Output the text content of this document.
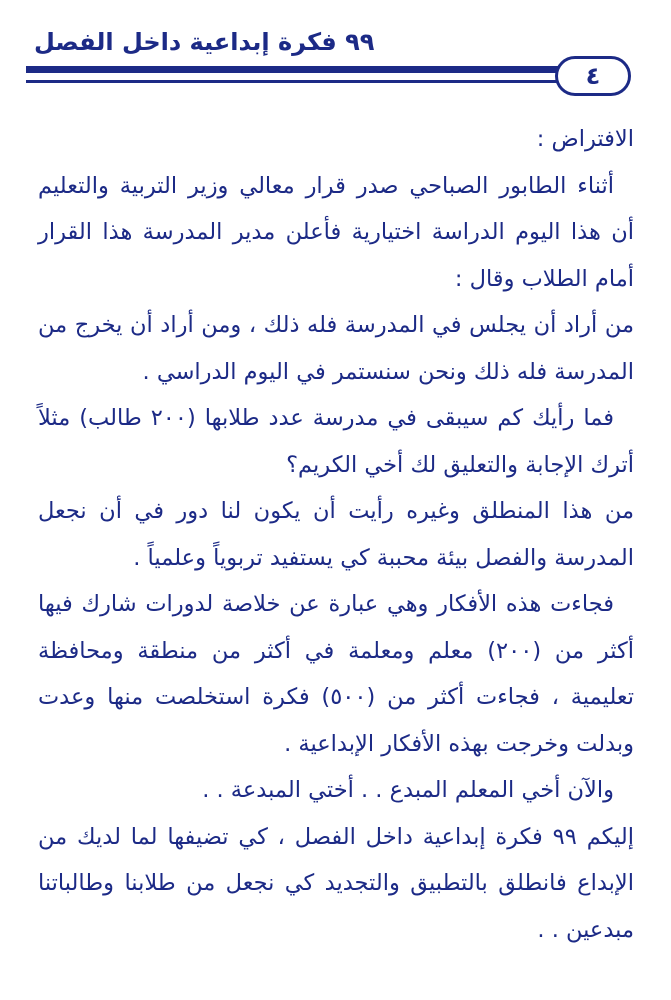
٩٩ فكرة إبداعية داخل الفصل
٤

الافتراض :

أثناء الطابور الصباحي صدر قرار معالي وزير التربية والتعليم أن هذا اليوم الدراسة اختيارية فأعلن مدير المدرسة هذا القرار أمام الطلاب وقال :

من أراد أن يجلس في المدرسة فله ذلك ، ومن أراد أن يخرج من المدرسة فله ذلك ونحن سنستمر في اليوم الدراسي .

فما رأيك كم سيبقى في مدرسة عدد طلابها (٢٠٠ طالب) مثلاً أترك الإجابة والتعليق لك أخي الكريم؟

من هذا المنطلق وغيره رأيت أن يكون لنا دور في أن نجعل المدرسة والفصل بيئة محببة كي يستفيد تربوياً وعلمياً .

فجاءت هذه الأفكار وهي عبارة عن خلاصة لدورات شارك فيها أكثر من (٢٠٠) معلم ومعلمة في أكثر من منطقة ومحافظة تعليمية ، فجاءت أكثر من (٥٠٠) فكرة استخلصت منها وعدت وبدلت وخرجت بهذه الأفكار الإبداعية .

والآن أخي المعلم المبدع . . أختي المبدعة . .

إليكم ٩٩ فكرة إبداعية داخل الفصل ، كي تضيفها لما لديك من الإبداع فانطلق بالتطبيق والتجديد كي نجعل من طلابنا وطالباتنا مبدعين . .
